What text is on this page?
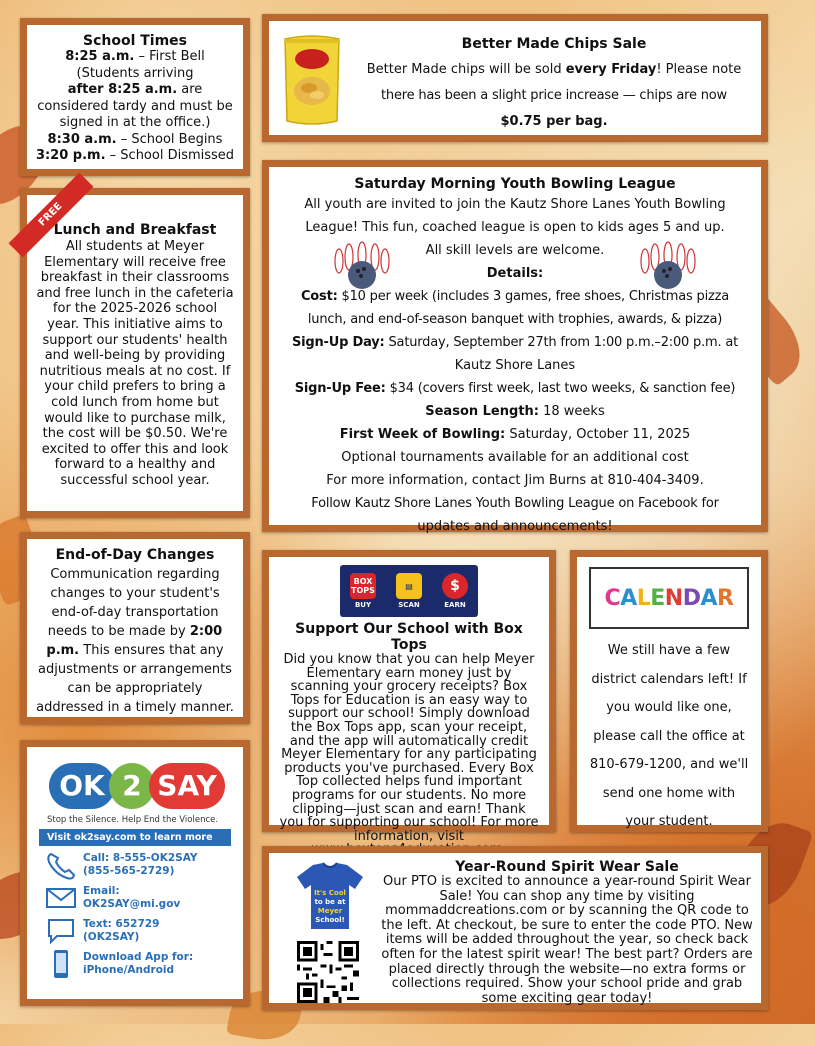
School Times
8:25 a.m. – First Bell
(Students arriving
after 8:25 a.m. are
considered tardy and must be
signed in at the office.)
8:30 a.m. – School Begins
3:20 p.m. – School Dismissed
Better Made Chips Sale
Better Made chips will be sold every Friday! Please note
there has been a slight price increase — chips are now
$0.75 per bag.
Saturday Morning Youth Bowling League
All youth are invited to join the Kautz Shore Lanes Youth Bowling
League! This fun, coached league is open to kids ages 5 and up.
All skill levels are welcome.
Details:
Cost: $10 per week (includes 3 games, free shoes, Christmas pizza
lunch, and end-of-season banquet with trophies, awards, & pizza)
Sign-Up Day: Saturday, September 27th from 1:00 p.m.–2:00 p.m. at
Kautz Shore Lanes
Sign-Up Fee: $34 (covers first week, last two weeks, & sanction fee)
Season Length: 18 weeks
First Week of Bowling: Saturday, October 11, 2025
Optional tournaments available for an additional cost
For more information, contact Jim Burns at 810-404-3409.
Follow Kautz Shore Lanes Youth Bowling League on Facebook for
updates and announcements!
FREE
Lunch and Breakfast
All students at Meyer Elementary will receive free breakfast in their classrooms and free lunch in the cafeteria for the 2025-2026 school year. This initiative aims to support our students' health and well-being by providing nutritious meals at no cost. If your child prefers to bring a cold lunch from home but would like to purchase milk, the cost will be $0.50. We're excited to offer this and look forward to a healthy and successful school year.
End-of-Day Changes
Communication regarding changes to your student's end-of-day transportation needs to be made by 2:00 p.m. This ensures that any adjustments or arrangements can be appropriately addressed in a timely manner.
BOX TOPS
BUY
▤
SCAN
$
EARN
Support Our School with Box Tops
Did you know that you can help Meyer Elementary earn money just by scanning your grocery receipts? Box Tops for Education is an easy way to support our school! Simply download the Box Tops app, scan your receipt, and the app will automatically credit Meyer Elementary for any participating products you've purchased. Every Box Top collected helps fund important programs for our students. No more clipping—just scan and earn! Thank you for supporting our school! For more information, visit
C A L E N D A R
We still have a few
district calendars left! If
you would like one,
please call the office at
810-679-1200, and we'll
send one home with
your student.
OK 2 SAY
Stop the Silence. Help End the Violence.
Visit ok2say.com to learn more
Call: 8-555-OK2SAY
(855-565-2729)
Email:
OK2SAY@mi.gov
Text: 652729
(OK2SAY)
Download App for:
iPhone/Android
It's Cool
to be at
Meyer
School!
Year-Round Spirit Wear Sale
Our PTO is excited to announce a year-round Spirit Wear Sale! You can shop any time by visiting mommaddcreations.com or by scanning the QR code to the left. At checkout, be sure to enter the code PTO. New items will be added throughout the year, so check back often for the latest spirit wear! The best part? Orders are placed directly through the website—no extra forms or collections required. Show your school pride and grab some exciting gear today!
